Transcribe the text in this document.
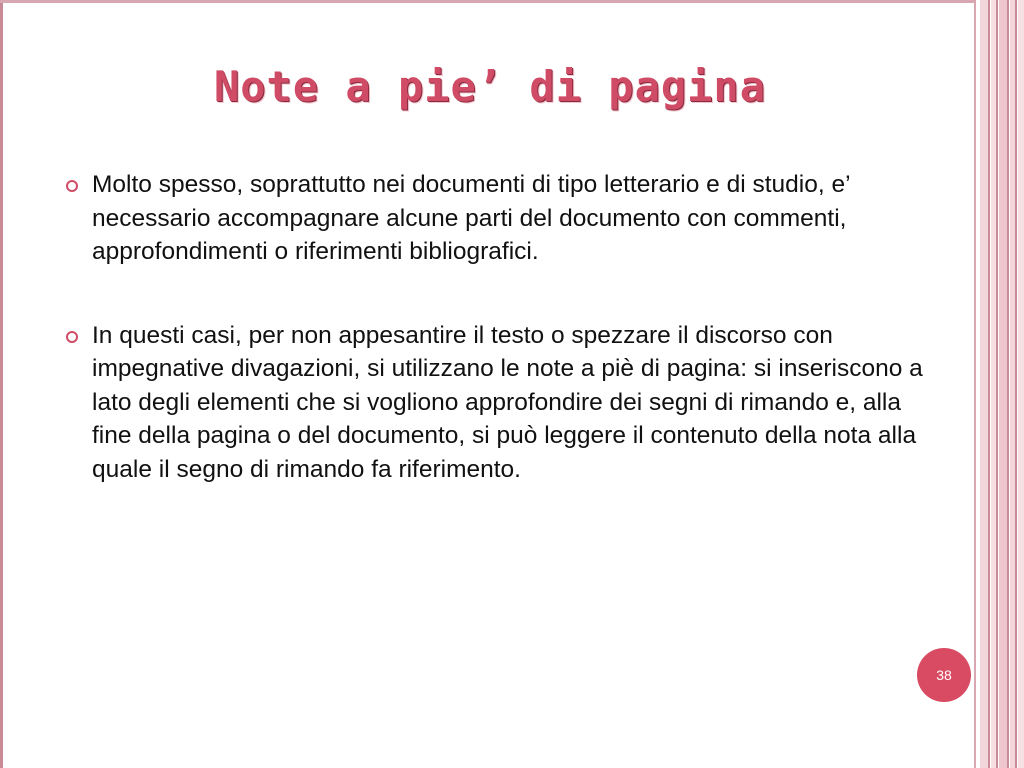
Note a pie’ di pagina
Molto spesso, soprattutto nei documenti di tipo letterario e di studio, e’ necessario accompagnare alcune parti del documento con commenti, approfondimenti o riferimenti bibliografici.
In questi casi, per non appesantire il testo o spezzare il discorso con impegnative divagazioni, si utilizzano le note a piè di pagina: si inseriscono a lato degli elementi che si vogliono approfondire dei segni di rimando e, alla fine della pagina o del documento, si può leggere il contenuto della nota alla quale il segno di rimando fa riferimento.
38
